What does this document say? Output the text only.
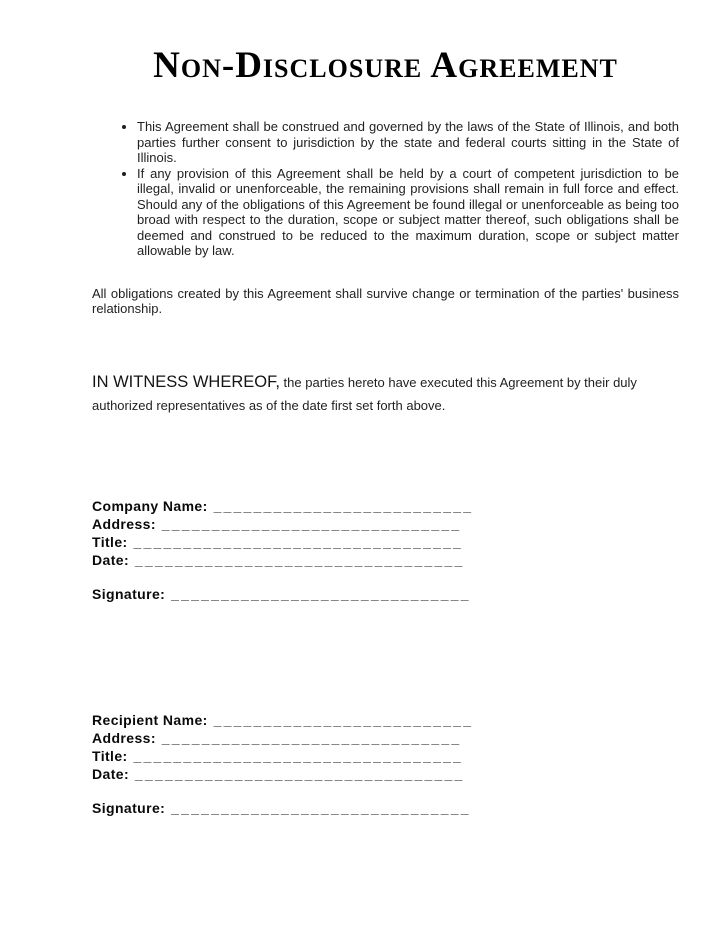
Non-Disclosure Agreement
• This Agreement shall be construed and governed by the laws of the State of Illinois, and both parties further consent to jurisdiction by the state and federal courts sitting in the State of Illinois.
• If any provision of this Agreement shall be held by a court of competent jurisdiction to be illegal, invalid or unenforceable, the remaining provisions shall remain in full force and effect. Should any of the obligations of this Agreement be found illegal or unenforceable as being too broad with respect to the duration, scope or subject matter thereof, such obligations shall be deemed and construed to be reduced to the maximum duration, scope or subject matter allowable by law.

All obligations created by this Agreement shall survive change or termination of the parties' business relationship.

IN WITNESS WHEREOF, the parties hereto have executed this Agreement by their duly authorized representatives as of the date first set forth above.

Company Name: __________________________
Address: ______________________________
Title: _________________________________
Date: _________________________________
Signature: ______________________________
Recipient Name: __________________________
Address: ______________________________
Title: _________________________________
Date: _________________________________
Signature: ______________________________
